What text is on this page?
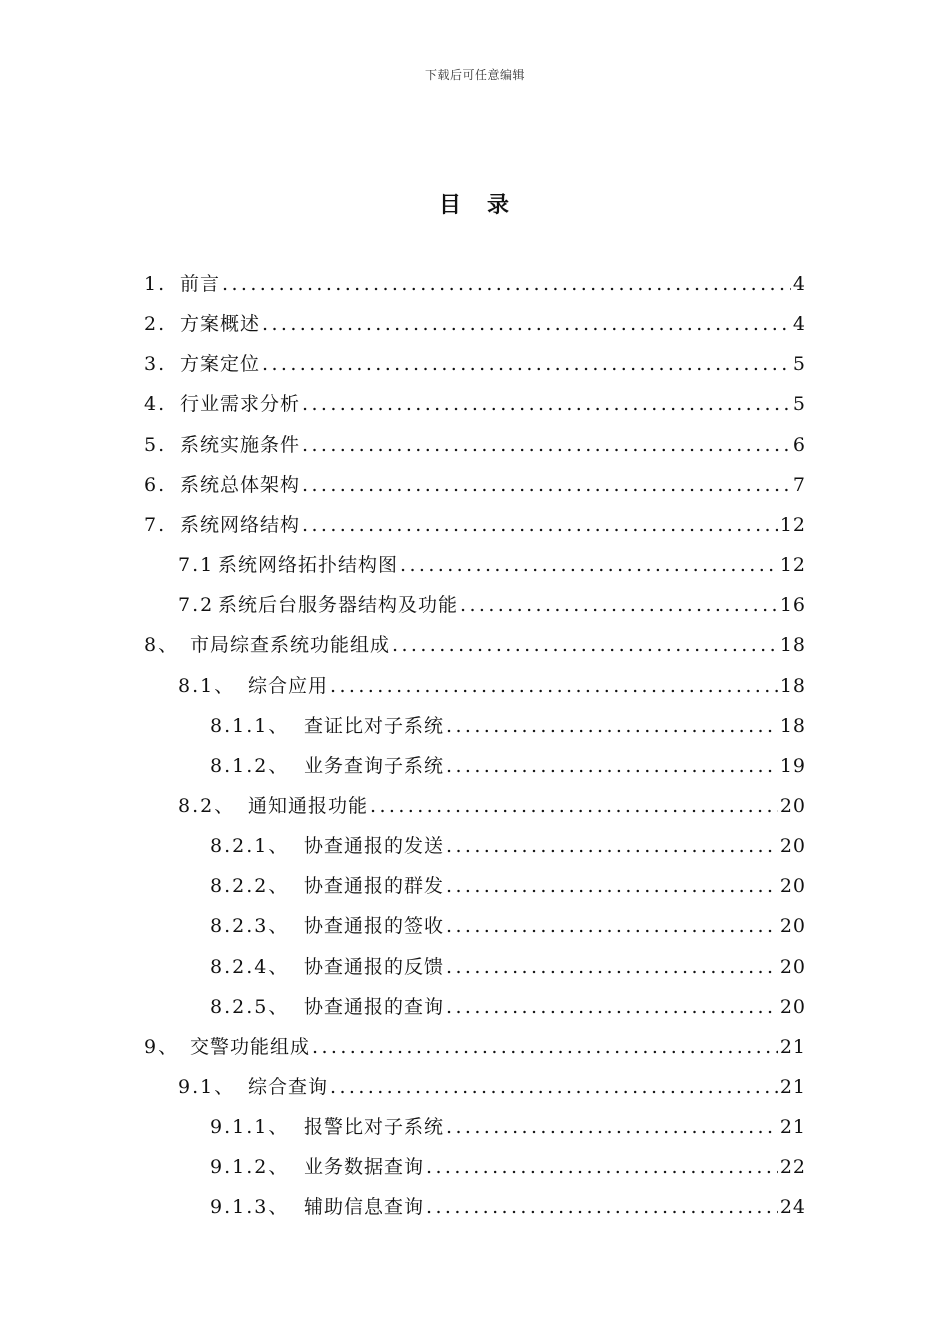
下载后可任意编辑
目 录
1. 前言 .....	4
2. 方案概述 .....	4
3. 方案定位 .....	5
4. 行业需求分析 .....	5
5. 系统实施条件 .....	6
6. 系统总体架构 .....	7
7. 系统网络结构 .....	12
7.1 系统网络拓扑结构图 .....	12
7.2 系统后台服务器结构及功能 .....	16
8、 市局综查系统功能组成 .....	18
8.1、 综合应用 .....	18
8.1.1、 查证比对子系统 .....	18
8.1.2、 业务查询子系统 .....	19
8.2、 通知通报功能 .....	20
8.2.1、 协查通报的发送 .....	20
8.2.2、 协查通报的群发 .....	20
8.2.3、 协查通报的签收 .....	20
8.2.4、 协查通报的反馈 .....	20
8.2.5、 协查通报的查询 .....	20
9、 交警功能组成 .....	21
9.1、 综合查询 .....	21
9.1.1、 报警比对子系统 .....	21
9.1.2、 业务数据查询 .....	22
9.1.3、 辅助信息查询 .....	24
